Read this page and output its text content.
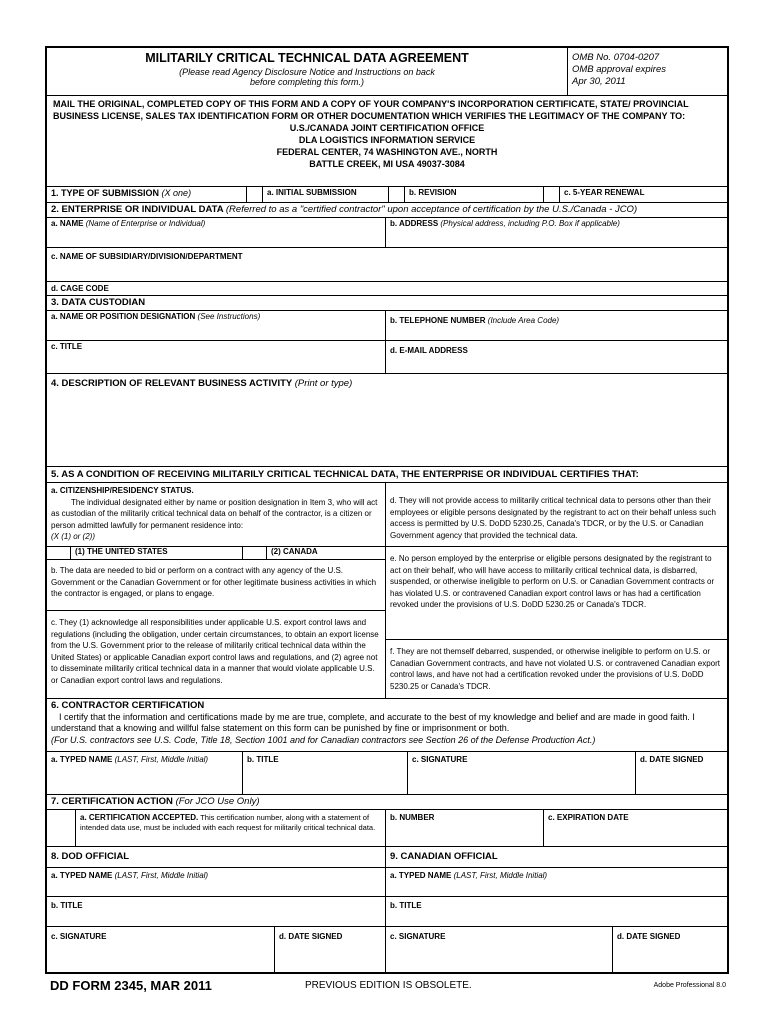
MILITARILY CRITICAL TECHNICAL DATA AGREEMENT
(Please read Agency Disclosure Notice and Instructions on back
before completing this form.)
OMB No. 0704-0207
OMB approval expires
Apr 30, 2011
MAIL THE ORIGINAL, COMPLETED COPY OF THIS FORM AND A COPY OF YOUR COMPANY'S INCORPORATION CERTIFICATE, STATE/ PROVINCIAL BUSINESS LICENSE, SALES TAX IDENTIFICATION FORM OR OTHER DOCUMENTATION WHICH VERIFIES THE LEGITIMACY OF THE COMPANY TO:
U.S./CANADA JOINT CERTIFICATION OFFICE
DLA LOGISTICS INFORMATION SERVICE
FEDERAL CENTER, 74 WASHINGTON AVE., NORTH
BATTLE CREEK, MI USA 49037-3084
1. TYPE OF SUBMISSION (X one)	a. INITIAL SUBMISSION	b. REVISION	c. 5-YEAR RENEWAL
2. ENTERPRISE OR INDIVIDUAL DATA (Referred to as a "certified contractor" upon acceptance of certification by the U.S./Canada - JCO)
a. NAME (Name of Enterprise or Individual)	b. ADDRESS (Physical address, including P.O. Box if applicable)
c. NAME OF SUBSIDIARY/DIVISION/DEPARTMENT
d. CAGE CODE
3. DATA CUSTODIAN
a. NAME OR POSITION DESIGNATION (See Instructions)	b. TELEPHONE NUMBER (Include Area Code)
c. TITLE	d. E-MAIL ADDRESS
4. DESCRIPTION OF RELEVANT BUSINESS ACTIVITY (Print or type)
5. AS A CONDITION OF RECEIVING MILITARILY CRITICAL TECHNICAL DATA, THE ENTERPRISE OR INDIVIDUAL CERTIFIES THAT:
a. CITIZENSHIP/RESIDENCY STATUS.
The individual designated either by name or position designation in Item 3, who will act as custodian of the militarily critical technical data on behalf of the contractor, is a citizen or person admitted lawfully for permanent residence into:
(X (1) or (2))
(1) THE UNITED STATES	(2) CANADA
b. The data are needed to bid or perform on a contract with any agency of the U.S. Government or the Canadian Government or for other legitimate business activities in which the contractor is engaged, or plans to engage.
c. They (1) acknowledge all responsibilities under applicable U.S. export control laws and regulations (including the obligation, under certain circumstances, to obtain an export license from the U.S. Government prior to the release of militarily critical technical data within the United States) or applicable Canadian export control laws and regulations, and (2) agree not to disseminate militarily critical technical data in a manner that would violate applicable U.S. or Canadian export control laws and regulations.
d. They will not provide access to militarily critical technical data to persons other than their employees or eligible persons designated by the registrant to act on their behalf unless such access is permitted by U.S. DoDD 5230.25, Canada's TDCR, or by the U.S. or Canadian Government agency that provided the technical data.
e. No person employed by the enterprise or eligible persons designated by the registrant to act on their behalf, who will have access to militarily critical technical data, is disbarred, suspended, or otherwise ineligible to perform on U.S. or Canadian Government contracts or has violated U.S. or contravened Canadian export control laws or has had a certification revoked under the provisions of U.S. DoDD 5230.25 or Canada's TDCR.
f. They are not themself debarred, suspended, or otherwise ineligible to perform on U.S. or Canadian Government contracts, and have not violated U.S. or contravened Canadian export control laws, and have not had a certification revoked under the provisions of U.S. DoDD 5230.25 or Canada's TDCR.
6. CONTRACTOR CERTIFICATION
I certify that the information and certifications made by me are true, complete, and accurate to the best of my knowledge and belief and are made in good faith. I understand that a knowing and willful false statement on this form can be punished by fine or imprisonment or both.
(For U.S. contractors see U.S. Code, Title 18, Section 1001 and for Canadian contractors see Section 26 of the Defense Production Act.)
a. TYPED NAME (LAST, First, Middle Initial)	b. TITLE	c. SIGNATURE	d. DATE SIGNED
7. CERTIFICATION ACTION (For JCO Use Only)
a. CERTIFICATION ACCEPTED. This certification number, along with a statement of intended data use, must be included with each request for militarily critical technical data.
b. NUMBER	c. EXPIRATION DATE
8. DOD OFFICIAL	9. CANADIAN OFFICIAL
a. TYPED NAME (LAST, First, Middle Initial)	a. TYPED NAME (LAST, First, Middle Initial)
b. TITLE	b. TITLE
c. SIGNATURE	d. DATE SIGNED	c. SIGNATURE	d. DATE SIGNED
DD FORM 2345, MAR 2011	PREVIOUS EDITION IS OBSOLETE.	Adobe Professional 8.0
